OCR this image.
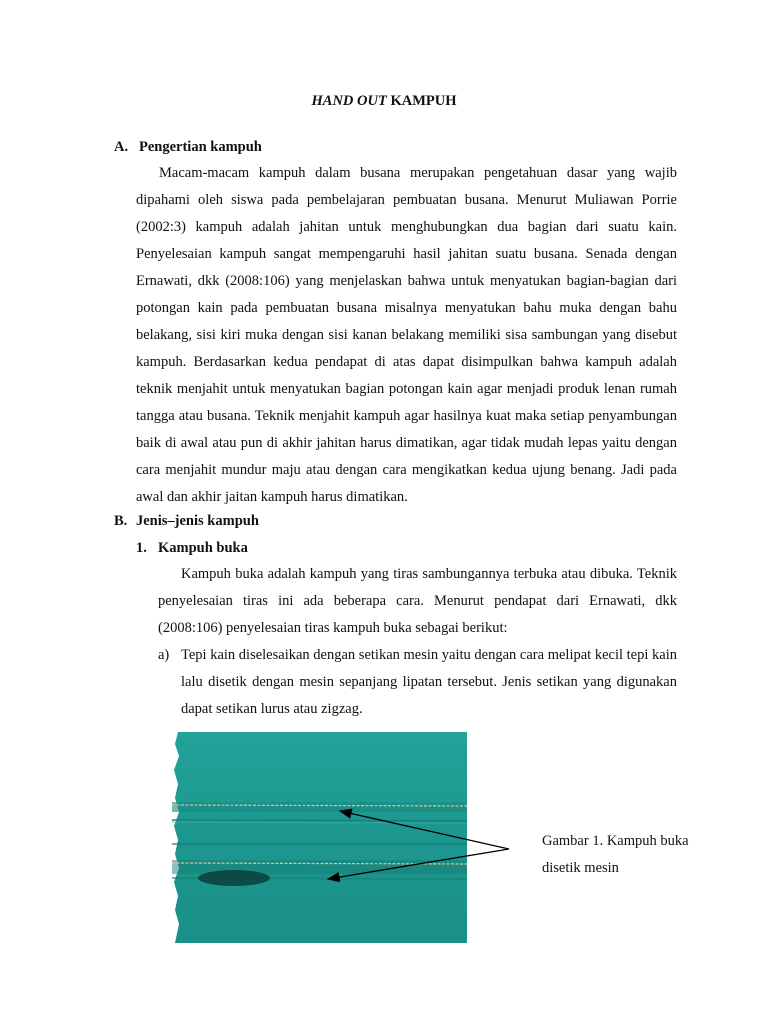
HAND OUT KAMPUH
A. Pengertian kampuh

Macam-macam kampuh dalam busana merupakan pengetahuan dasar yang wajib dipahami oleh siswa pada pembelajaran pembuatan busana. Menurut Muliawan Porrie (2002:3) kampuh adalah jahitan untuk menghubungkan dua bagian dari suatu kain. Penyelesaian kampuh sangat mempengaruhi hasil jahitan suatu busana. Senada dengan Ernawati, dkk (2008:106) yang menjelaskan bahwa untuk menyatukan bagian-bagian dari potongan kain pada pembuatan busana misalnya menyatukan bahu muka dengan bahu belakang, sisi kiri muka dengan sisi kanan belakang memiliki sisa sambungan yang disebut kampuh. Berdasarkan kedua pendapat di atas dapat disimpulkan bahwa kampuh adalah teknik menjahit untuk menyatukan bagian potongan kain agar menjadi produk lenan rumah tangga atau busana. Teknik menjahit kampuh agar hasilnya kuat maka setiap penyambungan baik di awal atau pun di akhir jahitan harus dimatikan, agar tidak mudah lepas yaitu dengan cara menjahit mundur maju atau dengan cara mengikatkan kedua ujung benang. Jadi pada awal dan akhir jaitan kampuh harus dimatikan.

B. Jenis–jenis kampuh
1. Kampuh buka

Kampuh buka adalah kampuh yang tiras sambungannya terbuka atau dibuka. Teknik penyelesaian tiras ini ada beberapa cara. Menurut pendapat dari Ernawati, dkk (2008:106) penyelesaian tiras kampuh buka sebagai berikut:

a) Tepi kain diselesaikan dengan setikan mesin yaitu dengan cara melipat kecil tepi kain lalu disetik dengan mesin sepanjang lipatan tersebut. Jenis setikan yang digunakan dapat setikan lurus atau zigzag.
Gambar 1. Kampuh buka disetik mesin
